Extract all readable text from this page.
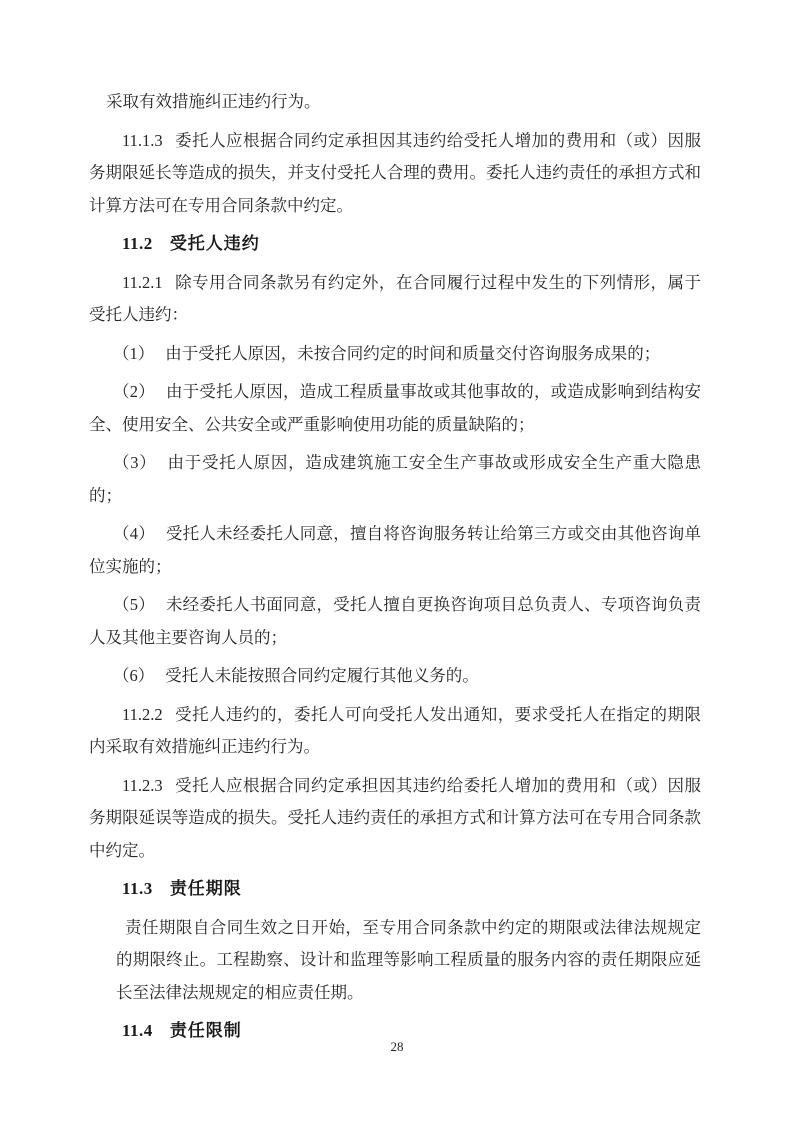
采取有效措施纠正违约行为。

11.1.3 委托人应根据合同约定承担因其违约给受托人增加的费用和（或）因服务期限延长等造成的损失，并支付受托人合理的费用。委托人违约责任的承担方式和计算方法可在专用合同条款中约定。

11.2 受托人违约

11.2.1 除专用合同条款另有约定外，在合同履行过程中发生的下列情形，属于受托人违约：

（1） 由于受托人原因，未按合同约定的时间和质量交付咨询服务成果的；

（2） 由于受托人原因，造成工程质量事故或其他事故的，或造成影响到结构安全、使用安全、公共安全或严重影响使用功能的质量缺陷的；

（3） 由于受托人原因，造成建筑施工安全生产事故或形成安全生产重大隐患的；

（4） 受托人未经委托人同意，擅自将咨询服务转让给第三方或交由其他咨询单位实施的；

（5） 未经委托人书面同意，受托人擅自更换咨询项目总负责人、专项咨询负责人及其他主要咨询人员的；

（6） 受托人未能按照合同约定履行其他义务的。

11.2.2 受托人违约的，委托人可向受托人发出通知，要求受托人在指定的期限内采取有效措施纠正违约行为。

11.2.3 受托人应根据合同约定承担因其违约给委托人增加的费用和（或）因服务期限延误等造成的损失。受托人违约责任的承担方式和计算方法可在专用合同条款中约定。

11.3 责任期限

责任期限自合同生效之日开始，至专用合同条款中约定的期限或法律法规规定的期限终止。工程勘察、设计和监理等影响工程质量的服务内容的责任期限应延长至法律法规规定的相应责任期。

11.4 责任限制

28
